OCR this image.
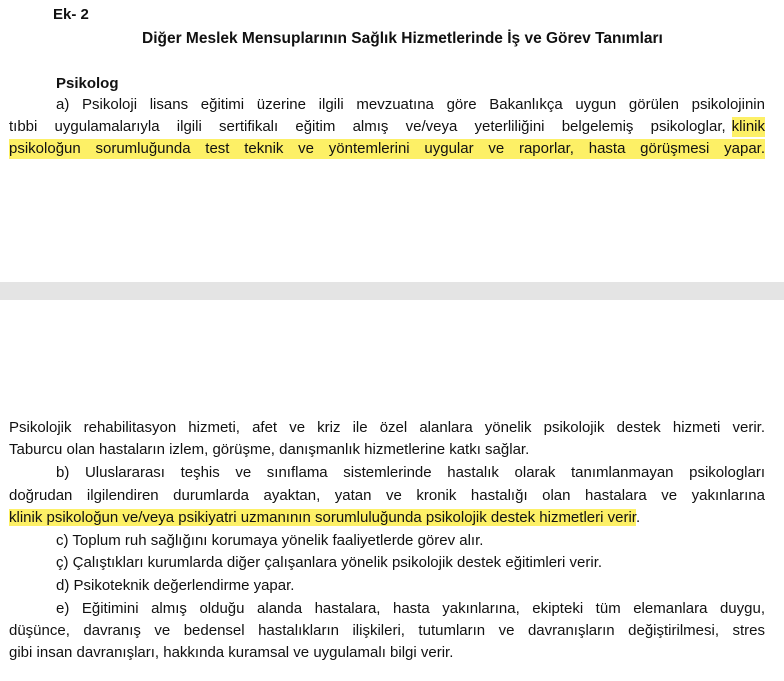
Ek- 2
Diğer Meslek Mensuplarının Sağlık Hizmetlerinde İş ve Görev Tanımları
Psikolog
a) Psikoloji lisans eğitimi üzerine ilgili mevzuatına göre Bakanlıkça uygun görülen psikolojinin
tıbbi uygulamalarıyla ilgili sertifikalı eğitim almış ve/veya yeterliliğini belgelemiş psikologlar, klinik
psikoloğun sorumluğunda test teknik ve yöntemlerini uygular ve raporlar, hasta görüşmesi yapar.
Psikolojik rehabilitasyon hizmeti, afet ve kriz ile özel alanlara yönelik psikolojik destek hizmeti verir.
Taburcu olan hastaların izlem, görüşme, danışmanlık hizmetlerine katkı sağlar.
b) Uluslararası teşhis ve sınıflama sistemlerinde hastalık olarak tanımlanmayan psikologları
doğrudan ilgilendiren durumlarda ayaktan, yatan ve kronik hastalığı olan hastalara ve yakınlarına
klinik psikoloğun ve/veya psikiyatri uzmanının sorumluluğunda psikolojik destek hizmetleri verir.
c) Toplum ruh sağlığını korumaya yönelik faaliyetlerde görev alır.
ç) Çalıştıkları kurumlarda diğer çalışanlara yönelik psikolojik destek eğitimleri verir.
d) Psikoteknik değerlendirme yapar.
e) Eğitimini almış olduğu alanda hastalara, hasta yakınlarına, ekipteki tüm elemanlara duygu,
düşünce, davranış ve bedensel hastalıkların ilişkileri, tutumların ve davranışların değiştirilmesi, stres
gibi insan davranışları, hakkında kuramsal ve uygulamalı bilgi verir.
